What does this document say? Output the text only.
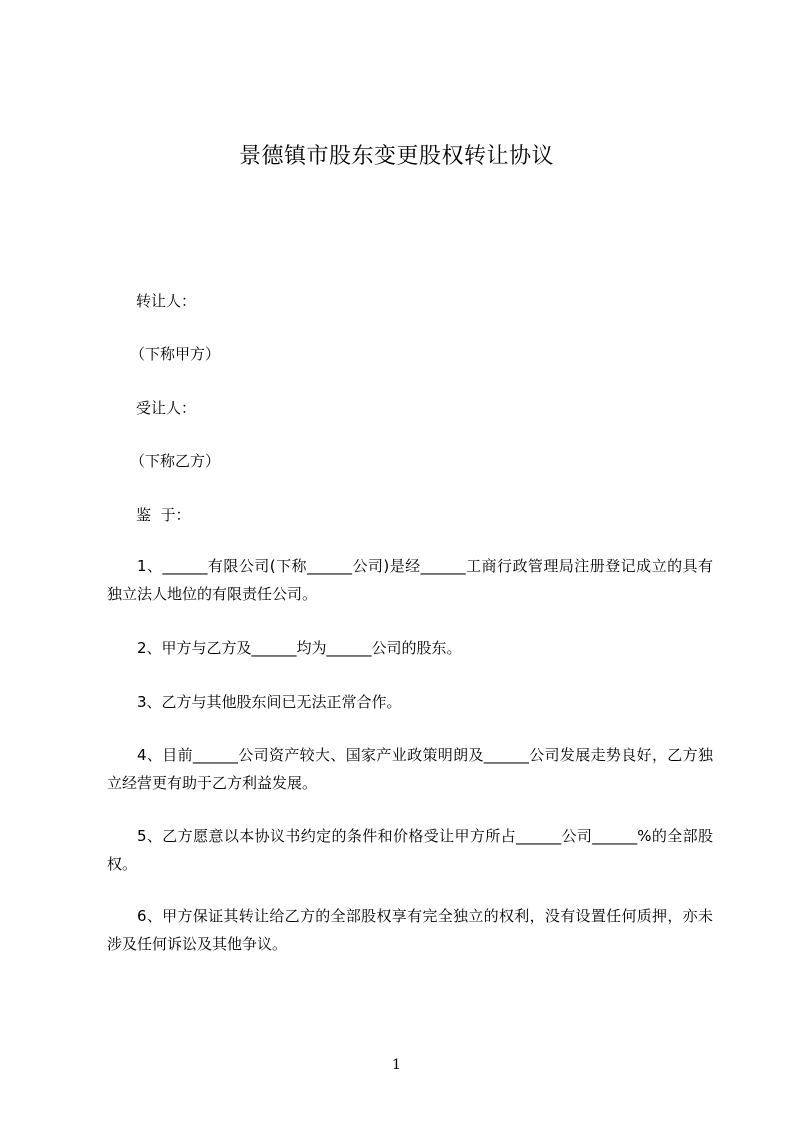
景德镇市股东变更股权转让协议
转让人：
（下称甲方）
受让人：
（下称乙方）
鉴  于：

1、______有限公司(下称______公司)是经______工商行政管理局注册登记成立的具有独立法人地位的有限责任公司。

2、甲方与乙方及______均为______公司的股东。

3、乙方与其他股东间已无法正常合作。

4、目前______公司资产较大、国家产业政策明朗及______公司发展走势良好，乙方独立经营更有助于乙方利益发展。

5、乙方愿意以本协议书约定的条件和价格受让甲方所占______公司______%的全部股权。

6、甲方保证其转让给乙方的全部股权享有完全独立的权利，没有设置任何质押，亦未涉及任何诉讼及其他争议。

1
